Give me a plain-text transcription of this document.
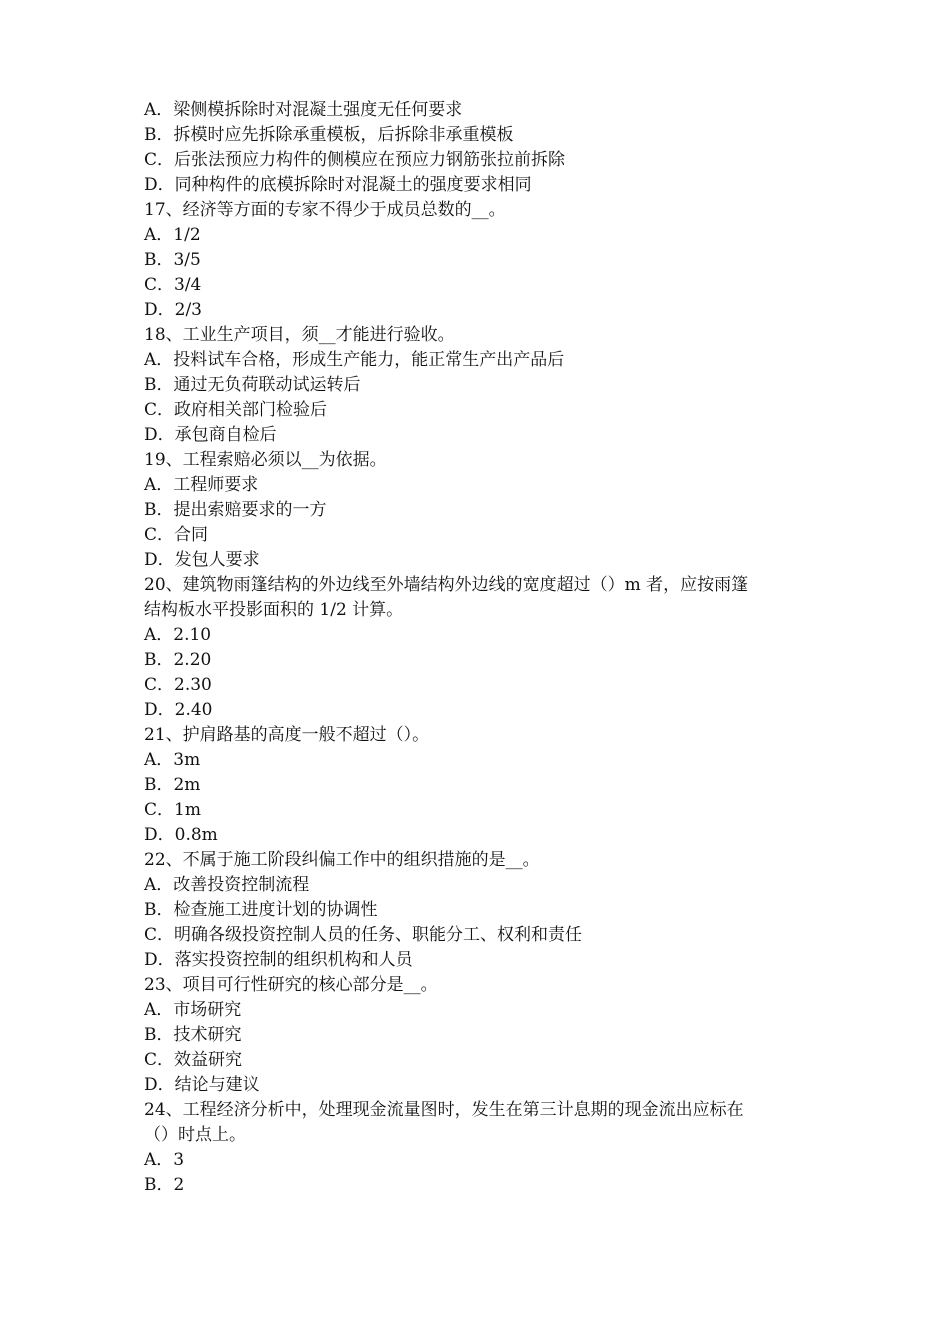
A．梁侧模拆除时对混凝土强度无任何要求
B．拆模时应先拆除承重模板，后拆除非承重模板
C．后张法预应力构件的侧模应在预应力钢筋张拉前拆除
D．同种构件的底模拆除时对混凝土的强度要求相同
17、经济等方面的专家不得少于成员总数的__。
A．1/2
B．3/5
C．3/4
D．2/3
18、工业生产项目，须__才能进行验收。
A．投料试车合格，形成生产能力，能正常生产出产品后
B．通过无负荷联动试运转后
C．政府相关部门检验后
D．承包商自检后
19、工程索赔必须以__为依据。
A．工程师要求
B．提出索赔要求的一方
C．合同
D．发包人要求
20、建筑物雨篷结构的外边线至外墙结构外边线的宽度超过（）m 者，应按雨篷
结构板水平投影面积的 1/2 计算。
A．2.10
B．2.20
C．2.30
D．2.40
21、护肩路基的高度一般不超过（）。
A．3m
B．2m
C．1m
D．0.8m
22、不属于施工阶段纠偏工作中的组织措施的是__。
A．改善投资控制流程
B．检查施工进度计划的协调性
C．明确各级投资控制人员的任务、职能分工、权利和责任
D．落实投资控制的组织机构和人员
23、项目可行性研究的核心部分是__。
A．市场研究
B．技术研究
C．效益研究
D．结论与建议
24、工程经济分析中，处理现金流量图时，发生在第三计息期的现金流出应标在
（）时点上。
A．3
B．2
